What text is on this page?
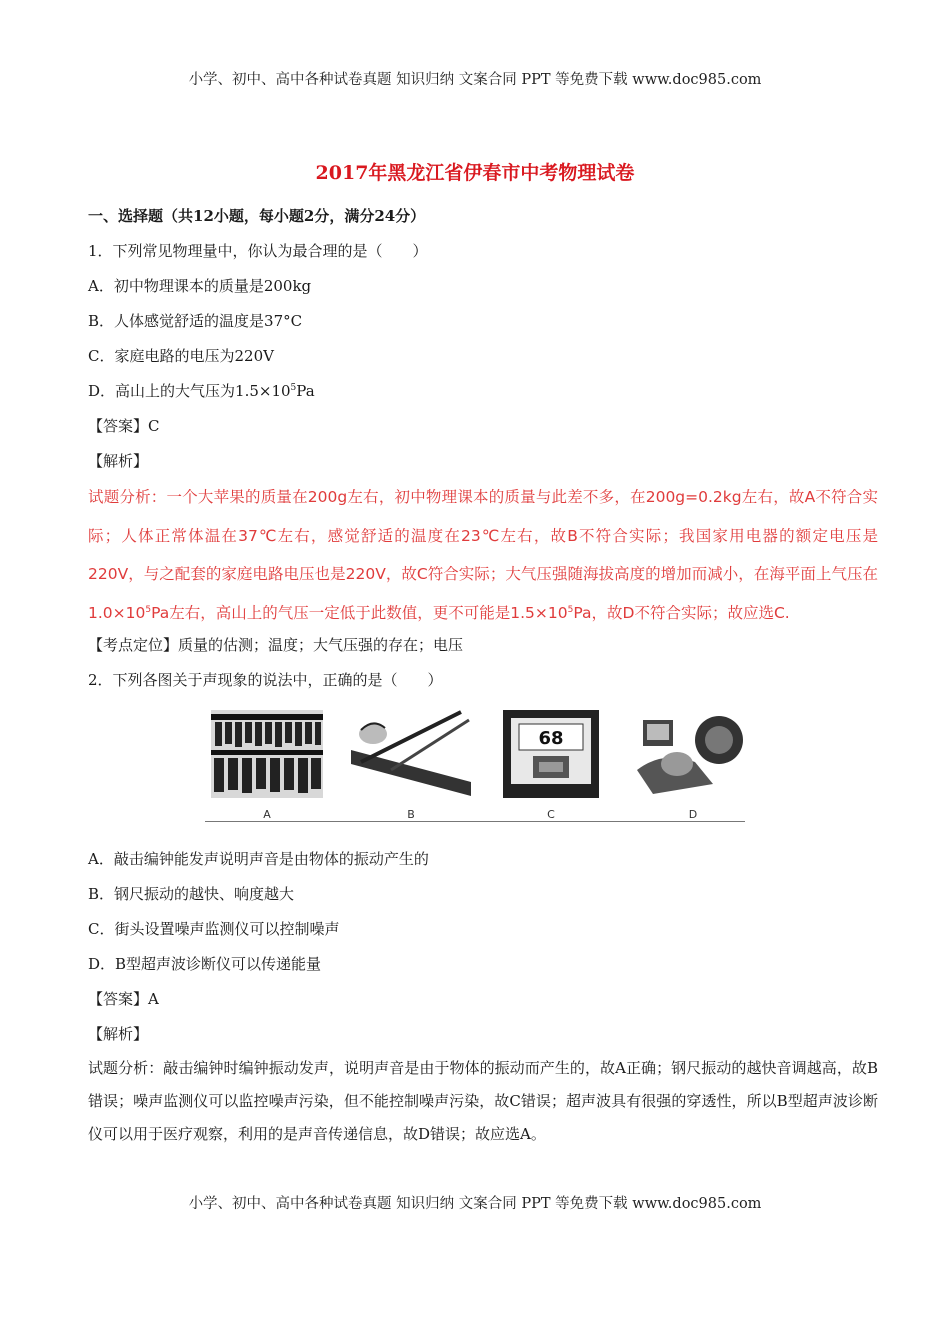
小学、初中、高中各种试卷真题 知识归纳 文案合同 PPT 等免费下载 www.doc985.com
2017年黑龙江省伊春市中考物理试卷
一、选择题（共12小题，每小题2分，满分24分）
1．下列常见物理量中，你认为最合理的是（　　）
A．初中物理课本的质量是200kg
B．人体感觉舒适的温度是37°C
C．家庭电路的电压为220V
D．高山上的大气压为$1.5\times 10^5Pa$
【答案】C
【解析】
试题分析：一个大苹果的质量在200g左右，初中物理课本的质量与此差不多，在200g=0.2kg左右，故A不符合实际；人体正常体温在37℃左右，感觉舒适的温度在23℃左右，故B不符合实际；我国家用电器的额定电压是220V，与之配套的家庭电路电压也是220V，故C符合实际；大气压强随海拔高度的增加而减小，在海平面上气压在$1.0\times 10^5Pa$左右，高山上的气压一定低于此数值，更不可能是$1.5\times 10^5Pa$，故D不符合实际；故应选C.
【考点定位】质量的估测；温度；大气压强的存在；电压
2．下列各图关于声现象的说法中，正确的是（　　）
68
A	B	C	D
A．敲击编钟能发声说明声音是由物体的振动产生的
B．钢尺振动的越快、响度越大
C．街头设置噪声监测仪可以控制噪声
D．B型超声波诊断仪可以传递能量
【答案】A
【解析】
试题分析：敲击编钟时编钟振动发声，说明声音是由于物体的振动而产生的，故A正确；钢尺振动的越快音调越高，故B错误；噪声监测仪可以监控噪声污染，但不能控制噪声污染，故C错误；超声波具有很强的穿透性，所以B型超声波诊断仪可以用于医疗观察，利用的是声音传递信息，故D错误；故应选A。
小学、初中、高中各种试卷真题 知识归纳 文案合同 PPT 等免费下载 www.doc985.com
